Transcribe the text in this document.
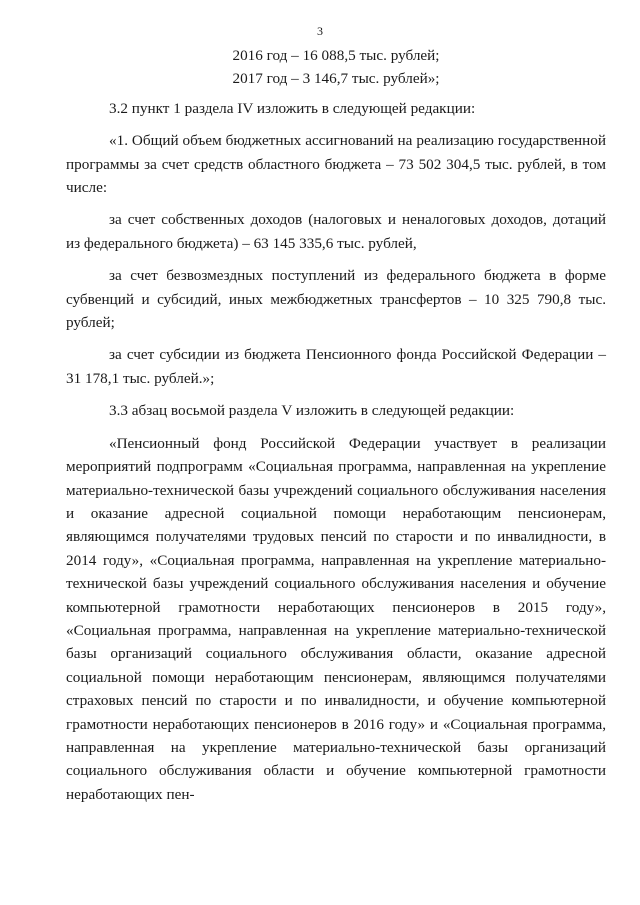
3

2016 год – 16 088,5 тыс. рублей;

2017 год – 3 146,7 тыс. рублей»;

3.2 пункт 1 раздела IV изложить в следующей редакции:

«1. Общий объем бюджетных ассигнований на реализацию государственной программы за счет средств областного бюджета – 73 502 304,5 тыс. рублей, в том числе:

за счет собственных доходов (налоговых и неналоговых доходов, дотаций из федерального бюджета) – 63 145 335,6 тыс. рублей,

за счет безвозмездных поступлений из федерального бюджета в форме субвенций и субсидий, иных межбюджетных трансфертов – 10 325 790,8 тыс. рублей;

за счет субсидии из бюджета Пенсионного фонда Российской Федерации – 31 178,1 тыс. рублей.»;

3.3 абзац восьмой раздела V изложить в следующей редакции:

«Пенсионный фонд Российской Федерации участвует в реализации мероприятий подпрограмм «Социальная программа, направленная на укрепление материально-технической базы учреждений социального обслуживания населения и оказание адресной социальной помощи неработающим пенсионерам, являющимся получателями трудовых пенсий по старости и по инвалидности, в 2014 году», «Социальная программа, направленная на укрепление материально-технической базы учреждений социального обслуживания населения и обучение компьютерной грамотности неработающих пенсионеров в 2015 году», «Социальная программа, направленная на укрепление материально-технической базы организаций социального обслуживания области, оказание адресной социальной помощи неработающим пенсионерам, являющимся получателями страховых пенсий по старости и по инвалидности, и обучение компьютерной грамотности неработающих пенсионеров в 2016 году» и «Социальная программа, направленная на укрепление материально-технической базы организаций социального обслуживания области и обучение компьютерной грамотности неработающих пен-
